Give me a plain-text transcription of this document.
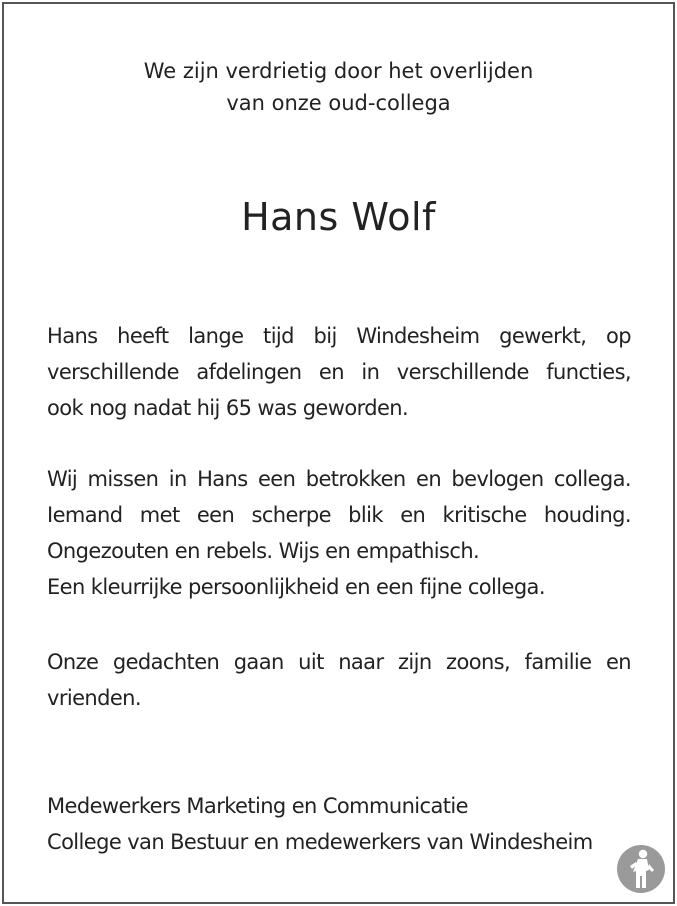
We zijn verdrietig door het overlijden
van onze oud-collega
Hans Wolf
Hans heeft lange tijd bij Windesheim gewerkt, op
verschillende afdelingen en in verschillende functies,
ook nog nadat hij 65 was geworden.
Wij missen in Hans een betrokken en bevlogen collega.
Iemand met een scherpe blik en kritische houding.
Ongezouten en rebels. Wijs en empathisch.
Een kleurrijke persoonlijkheid en een fijne collega.
Onze gedachten gaan uit naar zijn zoons, familie en
vrienden.
Medewerkers Marketing en Communicatie
College van Bestuur en medewerkers van Windesheim
